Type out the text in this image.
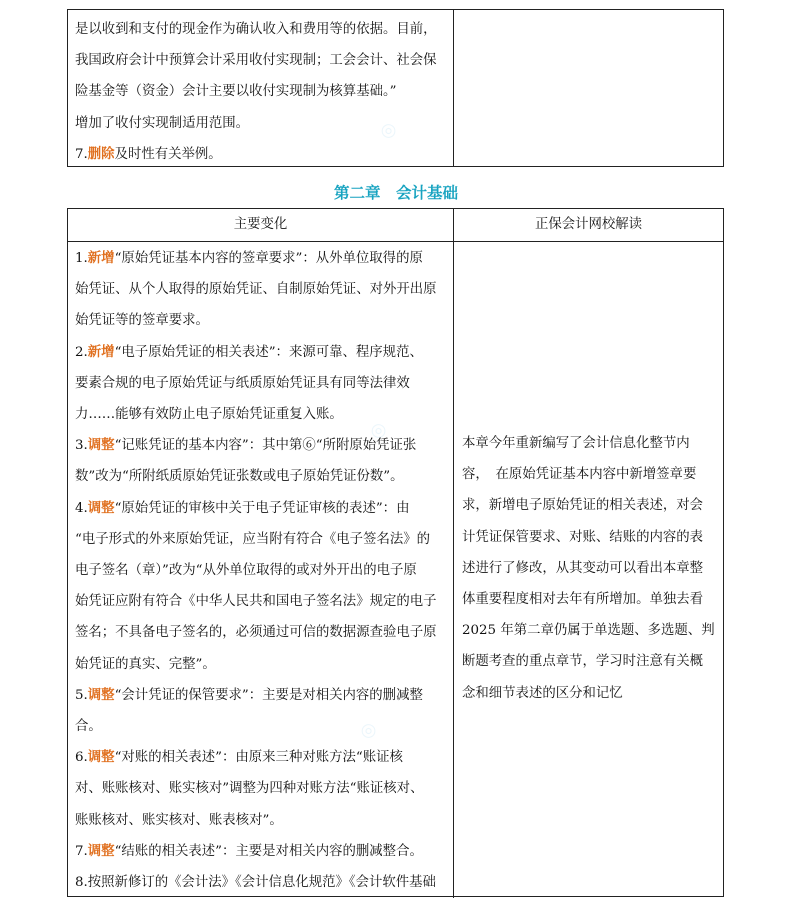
是以收到和支付的现金作为确认收入和费用等的依据。目前，
我国政府会计中预算会计采用收付实现制；工会会计、社会保
险基金等（资金）会计主要以收付实现制为核算基础。”
增加了收付实现制适用范围。
7.删除及时性有关举例。
第二章　会计基础
主要变化	正保会计网校解读
1.新增“原始凭证基本内容的签章要求”：从外单位取得的原
始凭证、从个人取得的原始凭证、自制原始凭证、对外开出原
始凭证等的签章要求。
2.新增“电子原始凭证的相关表述”：来源可靠、程序规范、
要素合规的电子原始凭证与纸质原始凭证具有同等法律效
力……能够有效防止电子原始凭证重复入账。
3.调整“记账凭证的基本内容”：其中第⑥“所附原始凭证张
数”改为“所附纸质原始凭证张数或电子原始凭证份数”。
4.调整“原始凭证的审核中关于电子凭证审核的表述”：由
“电子形式的外来原始凭证，应当附有符合《电子签名法》的
电子签名（章）”改为“从外单位取得的或对外开出的电子原
始凭证应附有符合《中华人民共和国电子签名法》规定的电子
签名；不具备电子签名的，必须通过可信的数据源查验电子原
始凭证的真实、完整”。
5.调整“会计凭证的保管要求”：主要是对相关内容的删减整
合。
6.调整“对账的相关表述”：由原来三种对账方法“账证核
对、账账核对、账实核对”调整为四种对账方法“账证核对、
账账核对、账实核对、账表核对”。
7.调整“结账的相关表述”：主要是对相关内容的删减整合。
8.按照新修订的《会计法》《会计信息化规范》《会计软件基础
本章今年重新编写了会计信息化整节内
容，　在原始凭证基本内容中新增签章要
求，新增电子原始凭证的相关表述，对会
计凭证保管要求、对账、结账的内容的表
述进行了修改，从其变动可以看出本章整
体重要程度相对去年有所增加。单独去看
2025 年第二章仍属于单选题、多选题、判
断题考查的重点章节，学习时注意有关概
念和细节表述的区分和记忆
◎
◎
◎
